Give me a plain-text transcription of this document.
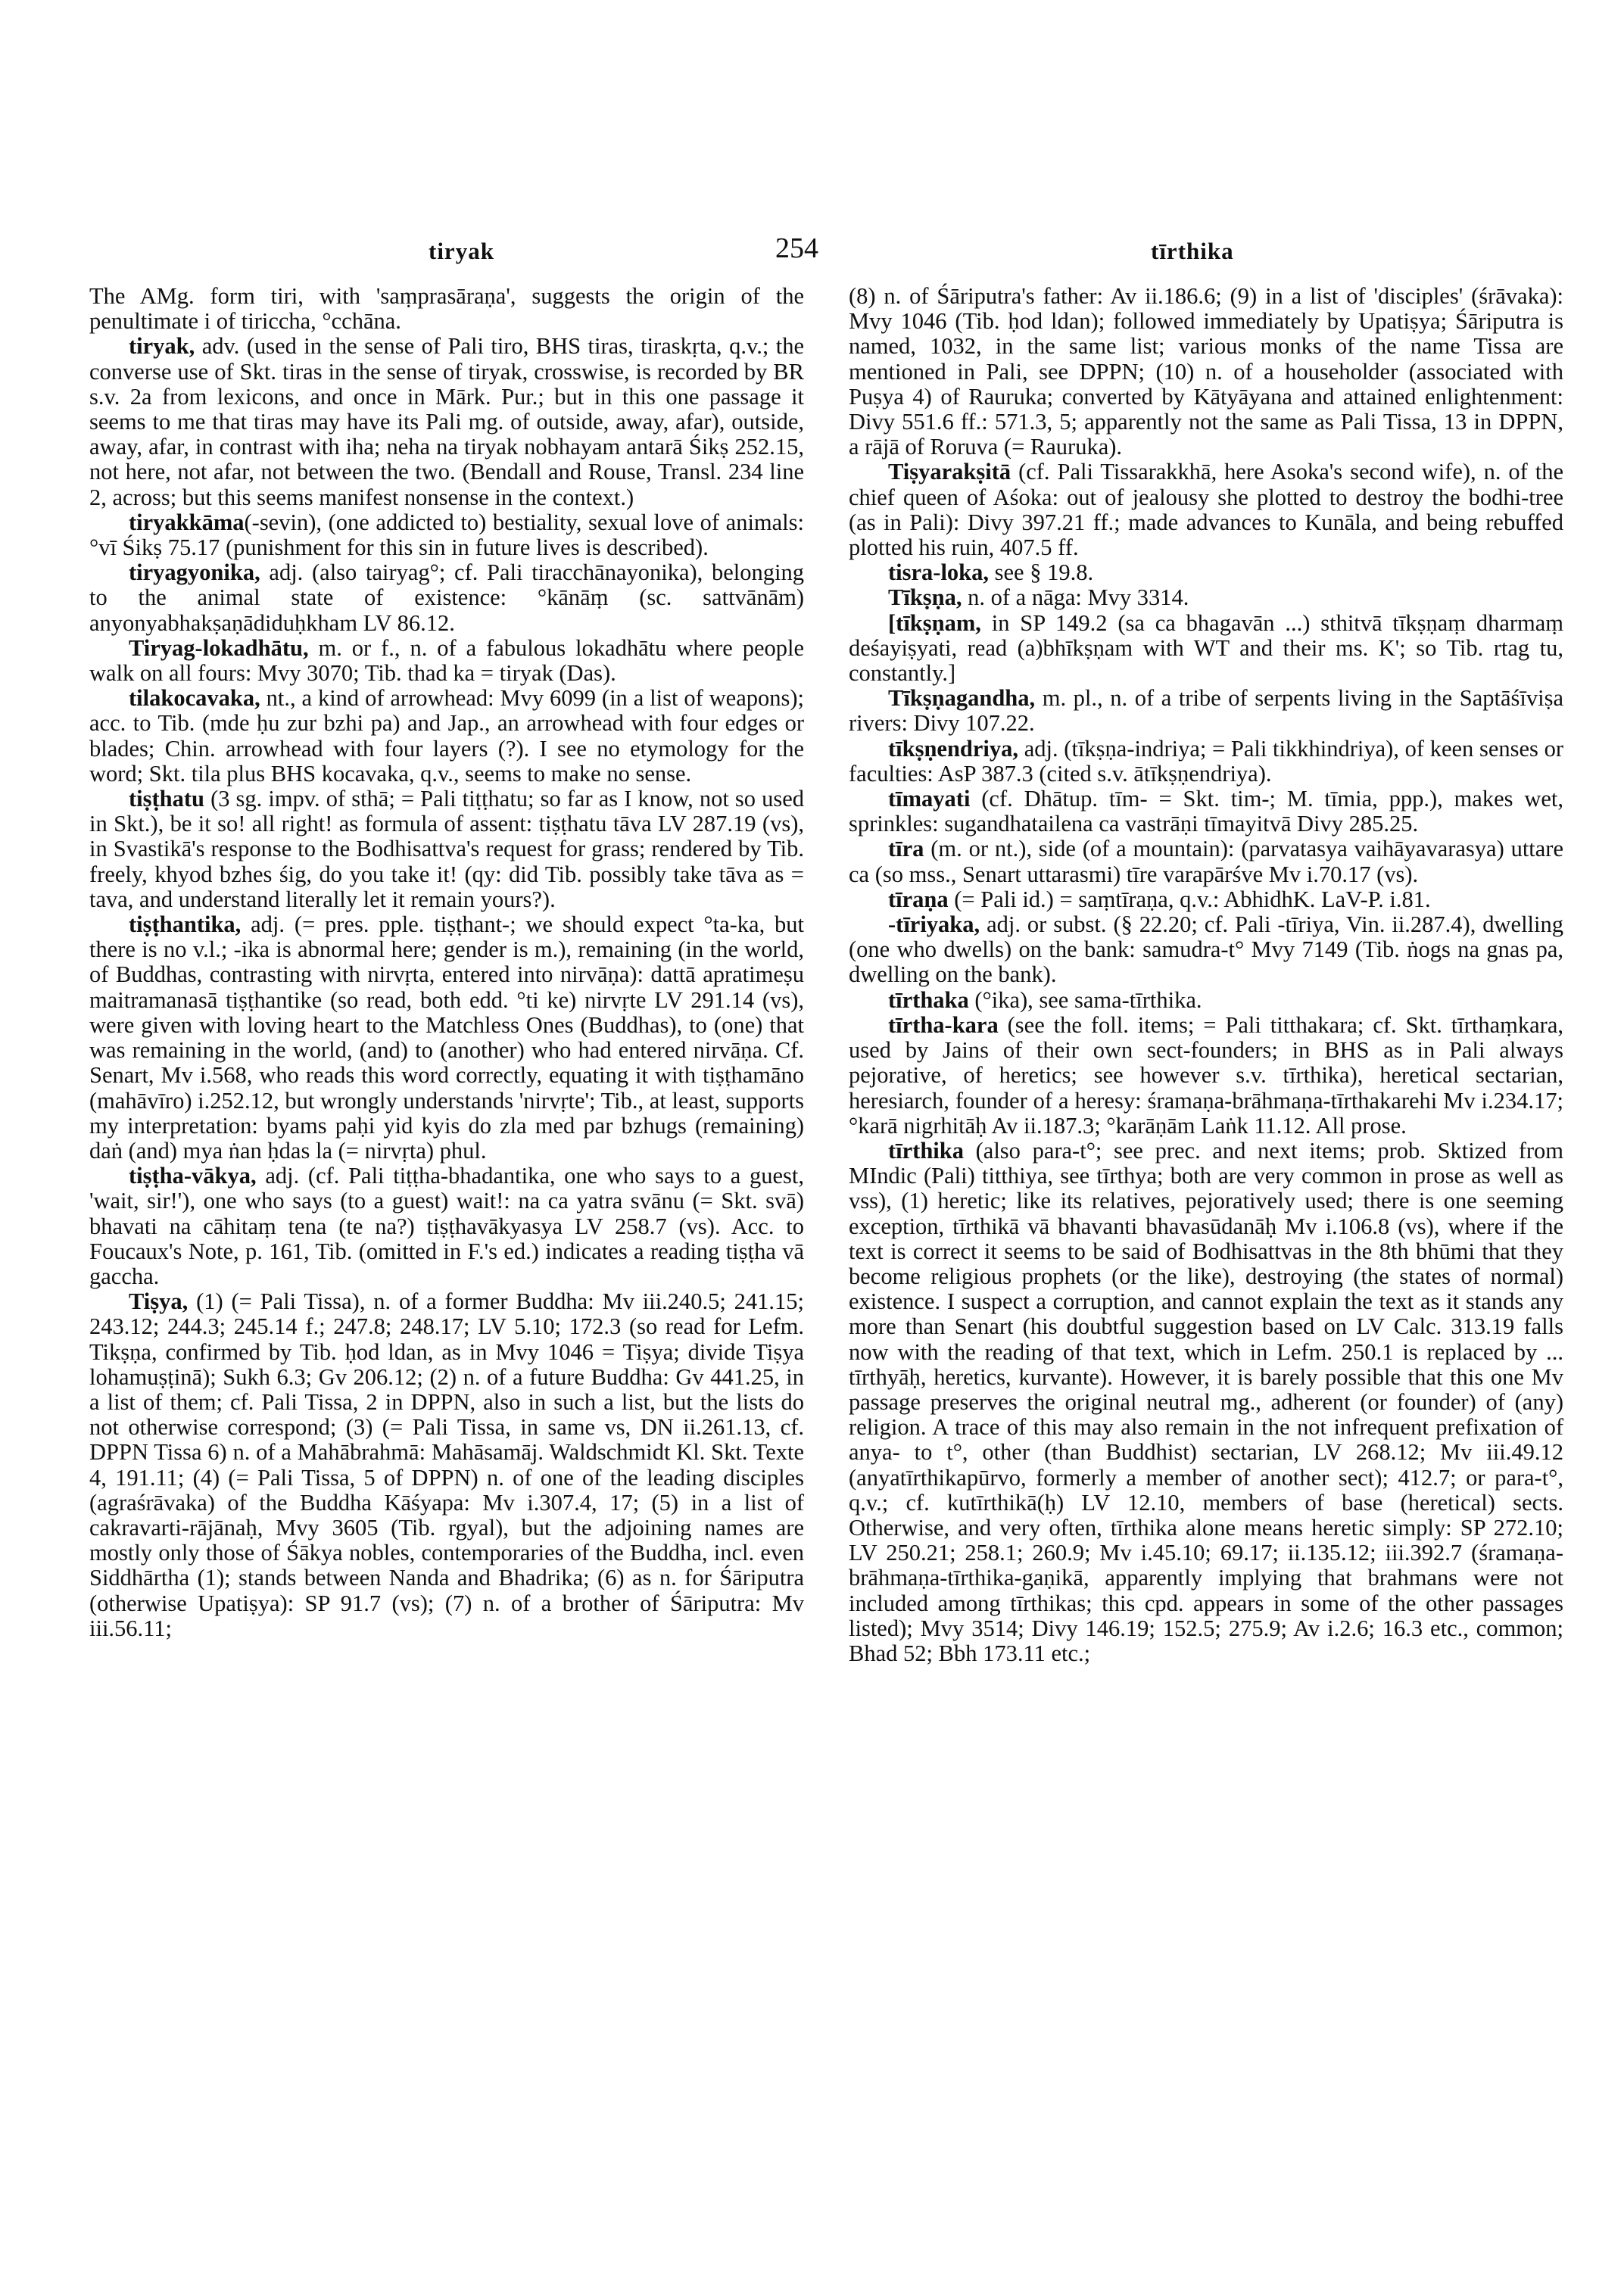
tiryak	254	tīrthika

The AMg. form tiri, with 'saṃprasāraṇa', suggests the origin of the penultimate i of tiriccha, °cchāna.

tiryak, adv. (used in the sense of Pali tiro, BHS tiras, tiraskṛta, q.v.; the converse use of Skt. tiras in the sense of tiryak, crosswise, is recorded by BR s.v. 2a from lexicons, and once in Mārk. Pur.; but in this one passage it seems to me that tiras may have its Pali mg. of outside, away, afar), outside, away, afar, in contrast with iha; neha na tiryak nobhayam antarā Śikṣ 252.15, not here, not afar, not between the two. (Bendall and Rouse, Transl. 234 line 2, across; but this seems manifest nonsense in the context.)

tiryakkāma(-sevin), (one addicted to) bestiality, sexual love of animals: °vī Śikṣ 75.17 (punishment for this sin in future lives is described).

tiryagyonika, adj. (also tairyag°; cf. Pali tiracchānayonika), belonging to the animal state of existence: °kānāṃ (sc. sattvānām) anyonyabhakṣaṇādiduḥkham LV 86.12.

Tiryag-lokadhātu, m. or f., n. of a fabulous lokadhātu where people walk on all fours: Mvy 3070; Tib. thad ka = tiryak (Das).

tilakocavaka, nt., a kind of arrowhead: Mvy 6099 (in a list of weapons); acc. to Tib. (mde ḥu zur bzhi pa) and Jap., an arrowhead with four edges or blades; Chin. arrowhead with four layers (?). I see no etymology for the word; Skt. tila plus BHS kocavaka, q.v., seems to make no sense.

tiṣṭhatu (3 sg. impv. of sthā; = Pali tiṭṭhatu; so far as I know, not so used in Skt.), be it so! all right! as formula of assent: tiṣṭhatu tāva LV 287.19 (vs), in Svastikā's response to the Bodhisattva's request for grass; rendered by Tib. freely, khyod bzhes śig, do you take it! (qy: did Tib. possibly take tāva as = tava, and understand literally let it remain yours?).

tiṣṭhantika, adj. (= pres. pple. tiṣṭhant-; we should expect °ta-ka, but there is no v.l.; -ika is abnormal here; gender is m.), remaining (in the world, of Buddhas, contrasting with nirvṛta, entered into nirvāṇa): dattā apratimeṣu maitramanasā tiṣṭhantike (so read, both edd. °ti ke) nirvṛte LV 291.14 (vs), were given with loving heart to the Matchless Ones (Buddhas), to (one) that was remaining in the world, (and) to (another) who had entered nirvāṇa. Cf. Senart, Mv i.568, who reads this word correctly, equating it with tiṣṭhamāno (mahāvīro) i.252.12, but wrongly understands 'nirvṛte'; Tib., at least, supports my interpretation: byams paḥi yid kyis do zla med par bzhugs (remaining) daṅ (and) mya ṅan ḥdas la (= nirvṛta) phul.

tiṣṭha-vākya, adj. (cf. Pali tiṭṭha-bhadantika, one who says to a guest, 'wait, sir!'), one who says (to a guest) wait!: na ca yatra svānu (= Skt. svā) bhavati na cāhitaṃ tena (te na?) tiṣṭhavākyasya LV 258.7 (vs). Acc. to Foucaux's Note, p. 161, Tib. (omitted in F.'s ed.) indicates a reading tiṣṭha vā gaccha.

Tiṣya, (1) (= Pali Tissa), n. of a former Buddha: Mv iii.240.5; 241.15; 243.12; 244.3; 245.14 f.; 247.8; 248.17; LV 5.10; 172.3 (so read for Lefm. Tikṣṇa, confirmed by Tib. ḥod ldan, as in Mvy 1046 = Tiṣya; divide Tiṣya lohamuṣṭinā); Sukh 6.3; Gv 206.12; (2) n. of a future Buddha: Gv 441.25, in a list of them; cf. Pali Tissa, 2 in DPPN, also in such a list, but the lists do not otherwise correspond; (3) (= Pali Tissa, in same vs, DN ii.261.13, cf. DPPN Tissa 6) n. of a Mahābrahmā: Mahāsamāj. Waldschmidt Kl. Skt. Texte 4, 191.11; (4) (= Pali Tissa, 5 of DPPN) n. of one of the leading disciples (agraśrāvaka) of the Buddha Kāśyapa: Mv i.307.4, 17; (5) in a list of cakravarti-rājānaḥ, Mvy 3605 (Tib. rgyal), but the adjoining names are mostly only those of Śākya nobles, contemporaries of the Buddha, incl. even Siddhārtha (1); stands between Nanda and Bhadrika; (6) as n. for Śāriputra (otherwise Upatiṣya): SP 91.7 (vs); (7) n. of a brother of Śāriputra: Mv iii.56.11;

(8) n. of Śāriputra's father: Av ii.186.6; (9) in a list of 'disciples' (śrāvaka): Mvy 1046 (Tib. ḥod ldan); followed immediately by Upatiṣya; Śāriputra is named, 1032, in the same list; various monks of the name Tissa are mentioned in Pali, see DPPN; (10) n. of a householder (associated with Puṣya 4) of Rauruka; converted by Kātyāyana and attained enlightenment: Divy 551.6 ff.: 571.3, 5; apparently not the same as Pali Tissa, 13 in DPPN, a rājā of Roruva (= Rauruka).

Tiṣyarakṣitā (cf. Pali Tissarakkhā, here Asoka's second wife), n. of the chief queen of Aśoka: out of jealousy she plotted to destroy the bodhi-tree (as in Pali): Divy 397.21 ff.; made advances to Kunāla, and being rebuffed plotted his ruin, 407.5 ff.

tisra-loka, see § 19.8.

Tīkṣṇa, n. of a nāga: Mvy 3314.

[tīkṣṇam, in SP 149.2 (sa ca bhagavān ...) sthitvā tīkṣṇaṃ dharmaṃ deśayiṣyati, read (a)bhīkṣṇam with WT and their ms. K'; so Tib. rtag tu, constantly.]

Tīkṣṇagandha, m. pl., n. of a tribe of serpents living in the Saptāśīviṣa rivers: Divy 107.22.

tīkṣṇendriya, adj. (tīkṣṇa-indriya; = Pali tikkhindriya), of keen senses or faculties: AsP 387.3 (cited s.v. ātīkṣṇendriya).

tīmayati (cf. Dhātup. tīm- = Skt. tim-; M. tīmia, ppp.), makes wet, sprinkles: sugandhatailena ca vastrāṇi tīmayitvā Divy 285.25.

tīra (m. or nt.), side (of a mountain): (parvatasya vaihāyavarasya) uttare ca (so mss., Senart uttarasmi) tīre varapārśve Mv i.70.17 (vs).

tīraṇa (= Pali id.) = saṃtīraṇa, q.v.: AbhidhK. LaV-P. i.81.

-tīriyaka, adj. or subst. (§ 22.20; cf. Pali -tīriya, Vin. ii.287.4), dwelling (one who dwells) on the bank: samudra-t° Mvy 7149 (Tib. ṅogs na gnas pa, dwelling on the bank).

tīrthaka (°ika), see sama-tīrthika.

tīrtha-kara (see the foll. items; = Pali titthakara; cf. Skt. tīrthaṃkara, used by Jains of their own sect-founders; in BHS as in Pali always pejorative, of heretics; see however s.v. tīrthika), heretical sectarian, heresiarch, founder of a heresy: śramaṇa-brāhmaṇa-tīrthakarehi Mv i.234.17; °karā nigrhitāḥ Av ii.187.3; °karāṇām Laṅk 11.12. All prose.

tīrthika (also para-t°; see prec. and next items; prob. Sktized from MIndic (Pali) titthiya, see tīrthya; both are very common in prose as well as vss), (1) heretic; like its relatives, pejoratively used; there is one seeming exception, tīrthikā vā bhavanti bhavasūdanāḥ Mv i.106.8 (vs), where if the text is correct it seems to be said of Bodhisattvas in the 8th bhūmi that they become religious prophets (or the like), destroying (the states of normal) existence. I suspect a corruption, and cannot explain the text as it stands any more than Senart (his doubtful suggestion based on LV Calc. 313.19 falls now with the reading of that text, which in Lefm. 250.1 is replaced by ... tīrthyāḥ, heretics, kurvante). However, it is barely possible that this one Mv passage preserves the original neutral mg., adherent (or founder) of (any) religion. A trace of this may also remain in the not infrequent prefixation of anya- to t°, other (than Buddhist) sectarian, LV 268.12; Mv iii.49.12 (anyatīrthikapūrvo, formerly a member of another sect); 412.7; or para-t°, q.v.; cf. kutīrthikā(ḥ) LV 12.10, members of base (heretical) sects. Otherwise, and very often, tīrthika alone means heretic simply: SP 272.10; LV 250.21; 258.1; 260.9; Mv i.45.10; 69.17; ii.135.12; iii.392.7 (śramaṇa-brāhmaṇa-tīrthika-gaṇikā, apparently implying that brahmans were not included among tīrthikas; this cpd. appears in some of the other passages listed); Mvy 3514; Divy 146.19; 152.5; 275.9; Av i.2.6; 16.3 etc., common; Bhad 52; Bbh 173.11 etc.;
